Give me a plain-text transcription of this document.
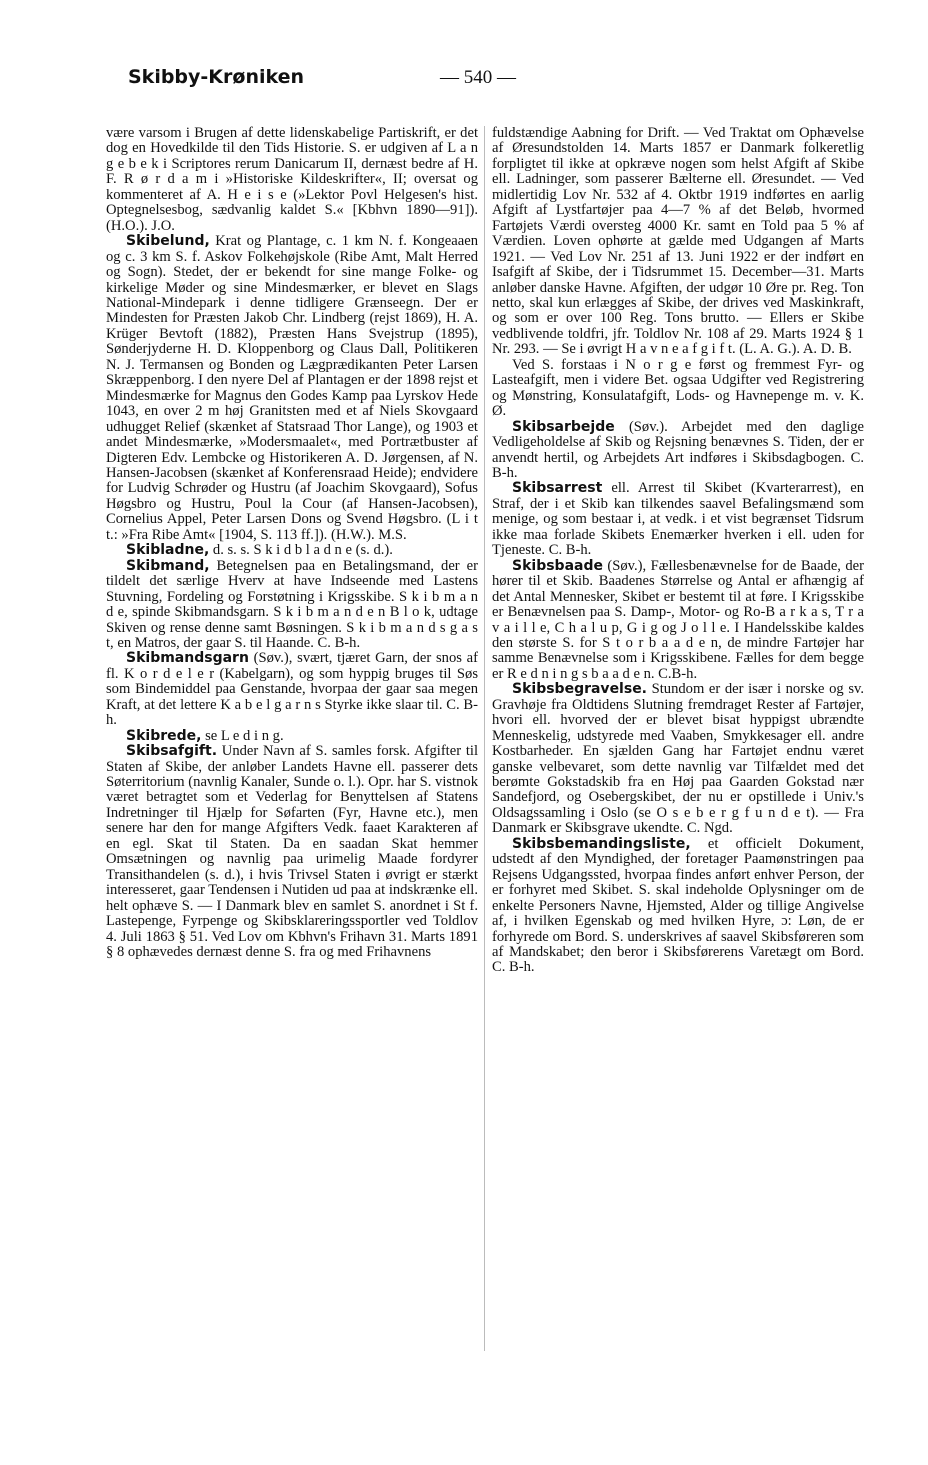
Skibby-Krøniken	— 540 —

være varsom i Brugen af dette lidenskabelige Partiskrift, er det dog en Hovedkilde til den Tids Historie. S. er udgiven af L a n g e b e k i Scriptores rerum Danicarum II, dernæst bedre af H. F. R ø r d a m i »Historiske Kildeskrifter«, II; oversat og kommenteret af A. H e i s e (»Lektor Povl Helgesen's hist. Optegnelsesbog, sædvanlig kaldet S.« [Kbhvn 1890—91]). (H.O.). J.O.

Skibelund, Krat og Plantage, c. 1 km N. f. Kongeaaen og c. 3 km S. f. Askov Folkehøjskole (Ribe Amt, Malt Herred og Sogn). Stedet, der er bekendt for sine mange Folke- og kirkelige Møder og sine Mindesmærker, er blevet en Slags National-Mindepark i denne tidligere Grænseegn. Der er Mindesten for Præsten Jakob Chr. Lindberg (rejst 1869), H. A. Krüger Bevtoft (1882), Præsten Hans Svejstrup (1895), Sønderjyderne H. D. Kloppenborg og Claus Dall, Politikeren N. J. Termansen og Bonden og Lægprædikanten Peter Larsen Skræppenborg. I den nyere Del af Plantagen er der 1898 rejst et Mindesmærke for Magnus den Godes Kamp paa Lyrskov Hede 1043, en over 2 m høj Granitsten med et af Niels Skovgaard udhugget Relief (skænket af Statsraad Thor Lange), og 1903 et andet Mindesmærke, »Modersmaalet«, med Portrætbuster af Digteren Edv. Lembcke og Historikeren A. D. Jørgensen, af N. Hansen-Jacobsen (skænket af Konferensraad Heide); endvidere for Ludvig Schrøder og Hustru (af Joachim Skovgaard), Sofus Høgsbro og Hustru, Poul la Cour (af Hansen-Jacobsen), Cornelius Appel, Peter Larsen Dons og Svend Høgsbro. (L i t t.: »Fra Ribe Amt« [1904, S. 113 ff.]). (H.W.). M.S.

Skibladne, d. s. s. S k i d b l a d n e (s. d.).

Skibmand, Betegnelsen paa en Betalingsmand, der er tildelt det særlige Hverv at have Indseende med Lastens Stuvning, Fordeling og Forstøtning i Krigsskibe. S k i b m a n d e, spinde Skibmandsgarn. S k i b m a n d e n B l o k, udtage Skiven og rense denne samt Bøsningen. S k i b m a n d s g a s t, en Matros, der gaar S. til Haande. C. B-h.

Skibmandsgarn (Søv.), svært, tjæret Garn, der snos af fl. K o r d e l e r (Kabelgarn), og som hyppig bruges til Søs som Bindemiddel paa Genstande, hvorpaa der gaar saa megen Kraft, at det lettere K a b e l g a r n s Styrke ikke slaar til. C. B-h.

Skibrede, se L e d i n g.

Skibsafgift. Under Navn af S. samles forsk. Afgifter til Staten af Skibe, der anløber Landets Havne ell. passerer dets Søterritorium (navnlig Kanaler, Sunde o. l.). Opr. har S. vistnok været betragtet som et Vederlag for Benyttelsen af Statens Indretninger til Hjælp for Søfarten (Fyr, Havne etc.), men senere har den for mange Afgifters Vedk. faaet Karakteren af en egl. Skat til Staten. Da en saadan Skat hemmer Omsætningen og navnlig paa urimelig Maade fordyrer Transithandelen (s. d.), i hvis Trivsel Staten i øvrigt er stærkt interesseret, gaar Tendensen i Nutiden ud paa at indskrænke ell. helt ophæve S. — I Danmark blev en samlet S. anordnet i St f. Lastepenge, Fyrpenge og Skibsklareringssportler ved Toldlov 4. Juli 1863 § 51. Ved Lov om Kbhvn's Frihavn 31. Marts 1891 § 8 ophævedes dernæst denne S. fra og med Frihavnens

fuldstændige Aabning for Drift. — Ved Traktat om Ophævelse af Øresundstolden 14. Marts 1857 er Danmark folkeretlig forpligtet til ikke at opkræve nogen som helst Afgift af Skibe ell. Ladninger, som passerer Bælterne ell. Øresundet. — Ved midlertidig Lov Nr. 532 af 4. Oktbr 1919 indførtes en aarlig Afgift af Lystfartøjer paa 4—7 % af det Beløb, hvormed Fartøjets Værdi oversteg 4000 Kr. samt en Told paa 5 % af Værdien. Loven ophørte at gælde med Udgangen af Marts 1921. — Ved Lov Nr. 251 af 13. Juni 1922 er der indført en Isafgift af Skibe, der i Tidsrummet 15. December—31. Marts anløber danske Havne. Afgiften, der udgør 10 Øre pr. Reg. Ton netto, skal kun erlægges af Skibe, der drives ved Maskinkraft, og som er over 100 Reg. Tons brutto. — Ellers er Skibe vedblivende toldfri, jfr. Toldlov Nr. 108 af 29. Marts 1924 § 1 Nr. 293. — Se i øvrigt H a v n e a f g i f t. (L. A. G.). A. D. B.

Ved S. forstaas i N o r g e først og fremmest Fyr- og Lasteafgift, men i videre Bet. ogsaa Udgifter ved Registrering og Mønstring, Konsulatafgift, Lods- og Havnepenge m. v. K. Ø.

Skibsarbejde (Søv.). Arbejdet med den daglige Vedligeholdelse af Skib og Rejsning benævnes S. Tiden, der er anvendt hertil, og Arbejdets Art indføres i Skibsdagbogen. C. B-h.

Skibsarrest ell. Arrest til Skibet (Kvarterarrest), en Straf, der i et Skib kan tilkendes saavel Befalingsmænd som menige, og som bestaar i, at vedk. i et vist begrænset Tidsrum ikke maa forlade Skibets Enemærker hverken i ell. uden for Tjeneste. C. B-h.

Skibsbaade (Søv.), Fællesbenævnelse for de Baade, der hører til et Skib. Baadenes Størrelse og Antal er afhængig af det Antal Mennesker, Skibet er bestemt til at føre. I Krigsskibe er Benævnelsen paa S. Damp-, Motor- og Ro-B a r k a s, T r a v a i l l e, C h a l u p, G i g og J o l l e. I Handelsskibe kaldes den største S. for S t o r b a a d e n, de mindre Fartøjer har samme Benævnelse som i Krigsskibene. Fælles for dem begge er R e d n i n g s b a a d e n. C.B-h.

Skibsbegravelse. Stundom er der især i norske og sv. Gravhøje fra Oldtidens Slutning fremdraget Rester af Fartøjer, hvori ell. hvorved der er blevet bisat hyppigst ubrændte Menneskelig, udstyrede med Vaaben, Smykkesager ell. andre Kostbarheder. En sjælden Gang har Fartøjet endnu været ganske velbevaret, som dette navnlig var Tilfældet med det berømte Gokstadskib fra en Høj paa Gaarden Gokstad nær Sandefjord, og Osebergskibet, der nu er opstillede i Univ.'s Oldsagssamling i Oslo (se O s e b e r g f u n d e t). — Fra Danmark er Skibsgrave ukendte. C. Ngd.

Skibsbemandingsliste, et officielt Dokument, udstedt af den Myndighed, der foretager Paamønstringen paa Rejsens Udgangssted, hvorpaa findes anført enhver Person, der er forhyret med Skibet. S. skal indeholde Oplysninger om de enkelte Personers Navne, Hjemsted, Alder og tillige Angivelse af, i hvilken Egenskab og med hvilken Hyre, ɔ: Løn, de er forhyrede om Bord. S. underskrives af saavel Skibsføreren som af Mandskabet; den beror i Skibsførerens Varetægt om Bord. C. B-h.
